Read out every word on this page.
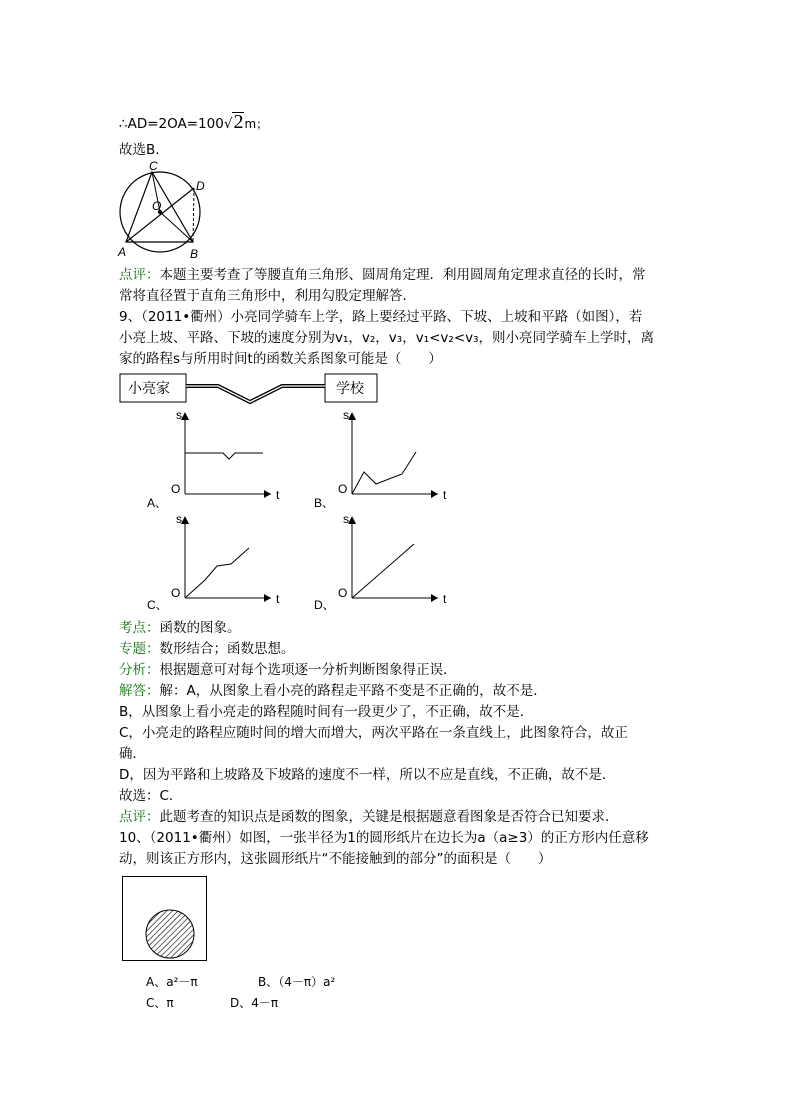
∴AD=2OA=100√2m；
故选B.
C
D
O
A	B
点评：本题主要考查了等腰直角三角形、圆周角定理．利用圆周角定理求直径的长时，常
常将直径置于直角三角形中，利用勾股定理解答．
9、（2011•衢州）小亮同学骑车上学，路上要经过平路、下坡、上坡和平路（如图），若
小亮上坡、平路、下坡的速度分别为v₁，v₂，v₃，v₁<v₂<v₃，则小亮同学骑车上学时，离
家的路程s与所用时间t的函数关系图象可能是（　　）
小亮家	学校
s
t
O
A、
s
t
O
B、
s
t
O
C、
s
t
O
D、
考点：函数的图象。
专题：数形结合；函数思想。
分析：根据题意可对每个选项逐一分析判断图象得正误．
解答：解：A，从图象上看小亮的路程走平路不变是不正确的，故不是．
B，从图象上看小亮走的路程随时间有一段更少了，不正确，故不是．
C，小亮走的路程应随时间的增大而增大，两次平路在一条直线上，此图象符合，故正
确．
D，因为平路和上坡路及下坡路的速度不一样，所以不应是直线，不正确，故不是．
故选：C．
点评：此题考查的知识点是函数的图象，关键是根据题意看图象是否符合已知要求．
10、（2011•衢州）如图，一张半径为1的圆形纸片在边长为a（a≥3）的正方形内任意移
动，则该正方形内，这张圆形纸片“不能接触到的部分”的面积是（　　）
A、a²－π	B、（4－π）a²
C、π	D、4－π
